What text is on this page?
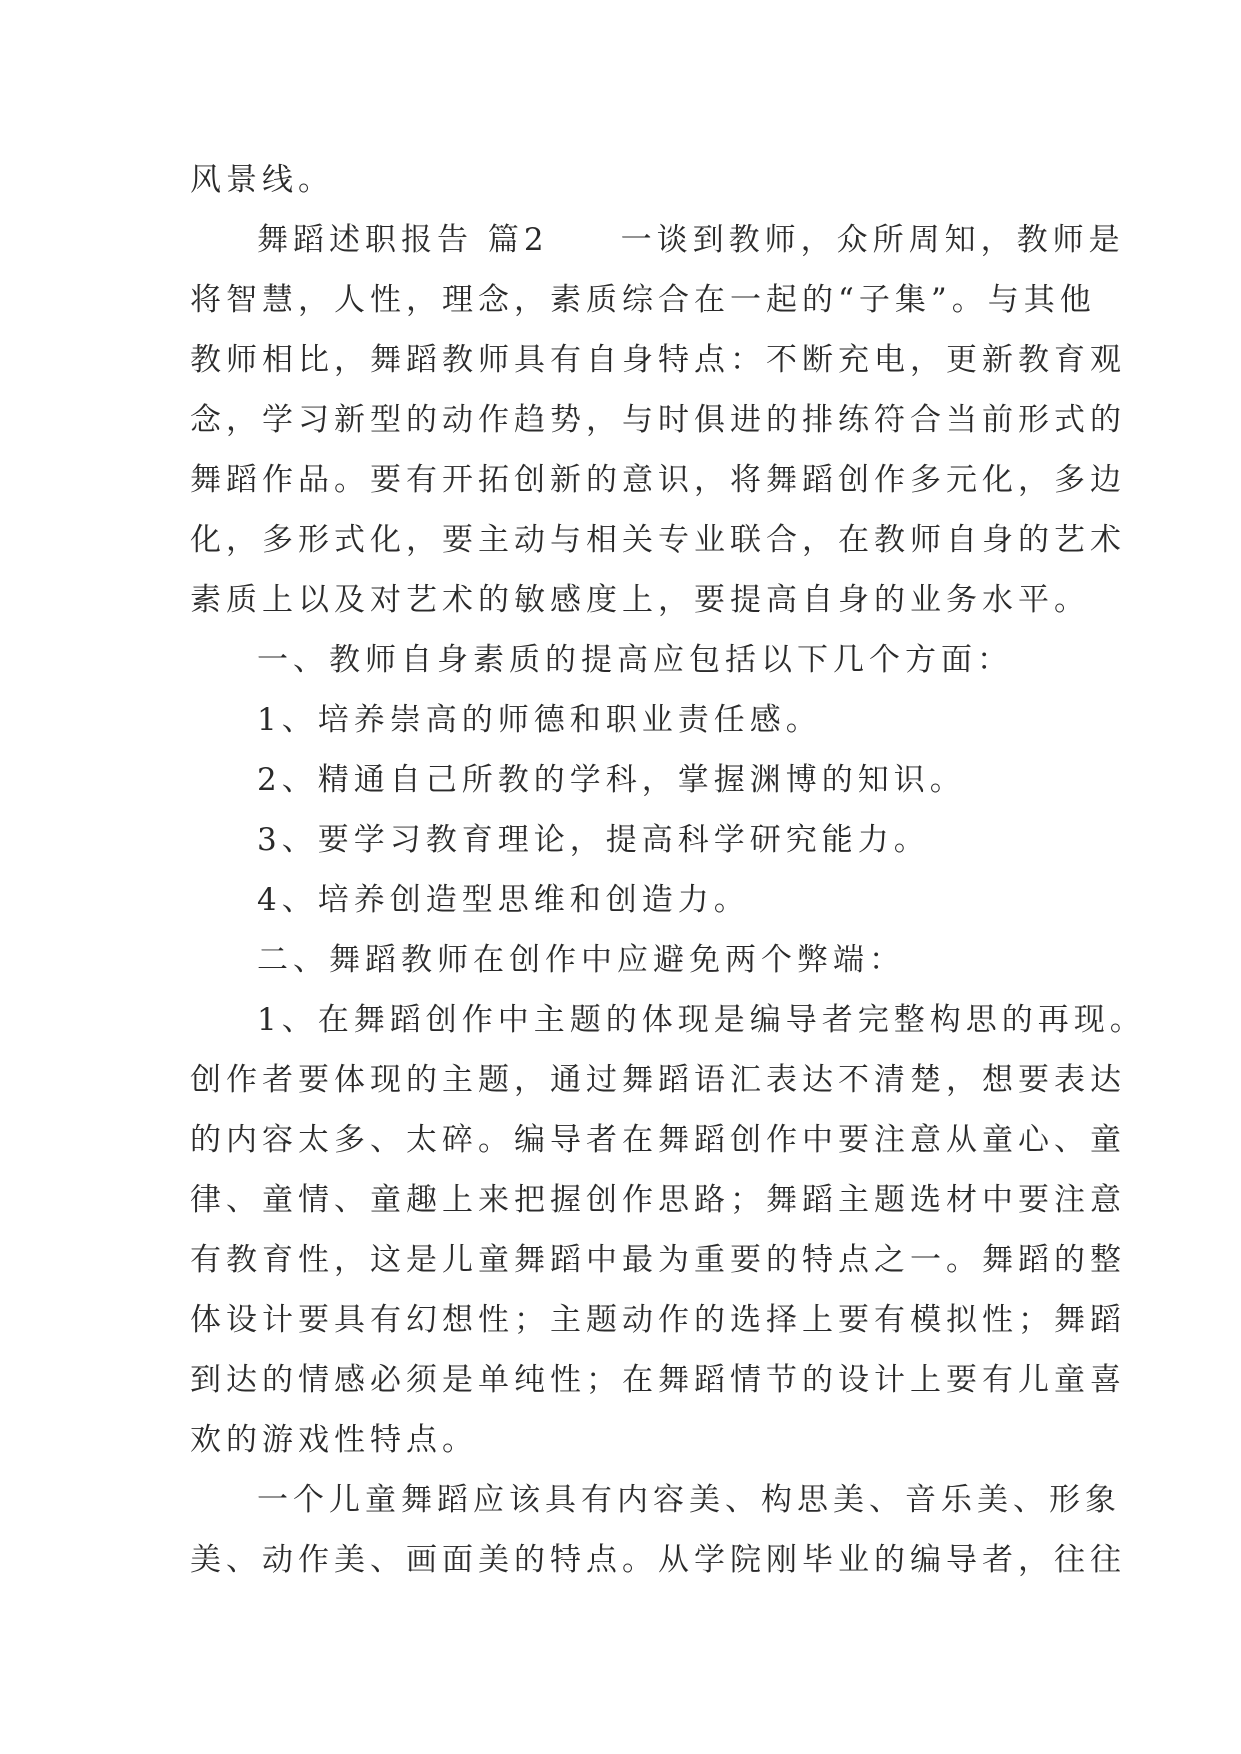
风景线。
舞蹈述职报告 篇2　　一谈到教师，众所周知，教师是
将智慧，人性，理念，素质综合在一起的“子集”。与其他
教师相比，舞蹈教师具有自身特点：不断充电，更新教育观
念，学习新型的动作趋势，与时俱进的排练符合当前形式的
舞蹈作品。要有开拓创新的意识，将舞蹈创作多元化，多边
化，多形式化，要主动与相关专业联合，在教师自身的艺术
素质上以及对艺术的敏感度上，要提高自身的业务水平。
一、教师自身素质的提高应包括以下几个方面：
1、培养崇高的师德和职业责任感。
2、精通自己所教的学科，掌握渊博的知识。
3、要学习教育理论，提高科学研究能力。
4、培养创造型思维和创造力。
二、舞蹈教师在创作中应避免两个弊端：
1、在舞蹈创作中主题的体现是编导者完整构思的再现。
创作者要体现的主题，通过舞蹈语汇表达不清楚，想要表达
的内容太多、太碎。编导者在舞蹈创作中要注意从童心、童
律、童情、童趣上来把握创作思路；舞蹈主题选材中要注意
有教育性，这是儿童舞蹈中最为重要的特点之一。舞蹈的整
体设计要具有幻想性；主题动作的选择上要有模拟性；舞蹈
到达的情感必须是单纯性；在舞蹈情节的设计上要有儿童喜
欢的游戏性特点。
一个儿童舞蹈应该具有内容美、构思美、音乐美、形象
美、动作美、画面美的特点。从学院刚毕业的编导者，往往
